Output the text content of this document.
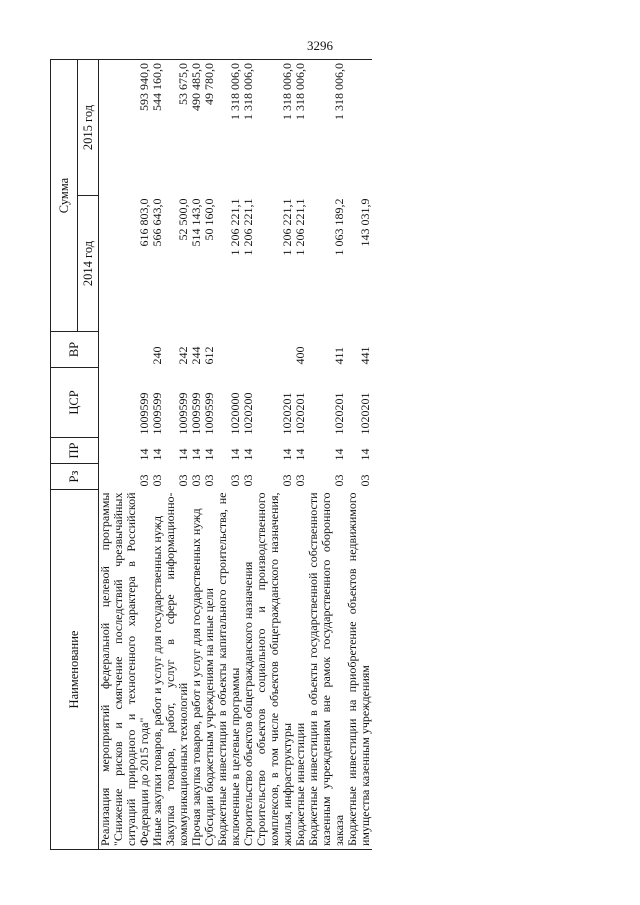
3296
Наименование	Рз	ПР	ЦСР	ВР	Сумма	
					2014 год	2015 год
Реализация мероприятий федеральной целевой программы "Снижение рисков и смягчение последствий чрезвычайных ситуаций природного и техногенного характера в Российской Федерации до 2015 года"	03	14	1009599		616 803,0	593 940,0
Иные закупки товаров, работ и услуг для государственных нужд	03	14	1009599	240	566 643,0	544 160,0
Закупка товаров, работ, услуг в сфере информационно-коммуникационных технологий	03	14	1009599	242	52 500,0	53 675,0
Прочая закупка товаров, работ и услуг для государственных нужд	03	14	1009599	244	514 143,0	490 485,0
Субсидии бюджетным учреждениям на иные цели	03	14	1009599	612	50 160,0	49 780,0
Бюджетные инвестиции в объекты капитального строительства, не включенные в целевые программы	03	14	1020000		1 206 221,1	1 318 006,0
Строительство объектов общегражданского назначения	03	14	1020200		1 206 221,1	1 318 006,0
Строительство объектов социального и производственного комплексов, в том числе объектов общегражданского назначения, жилья, инфраструктуры	03	14	1020201		1 206 221,1	1 318 006,0
Бюджетные инвестиции	03	14	1020201	400	1 206 221,1	1 318 006,0
Бюджетные инвестиции в объекты государственной собственности казенным учреждениям вне рамок государственного оборонного заказа	03	14	1020201	411	1 063 189,2	1 318 006,0
Бюджетные инвестиции на приобретение объектов недвижимого имущества казенным учреждениям	03	14	1020201	441	143 031,9	
